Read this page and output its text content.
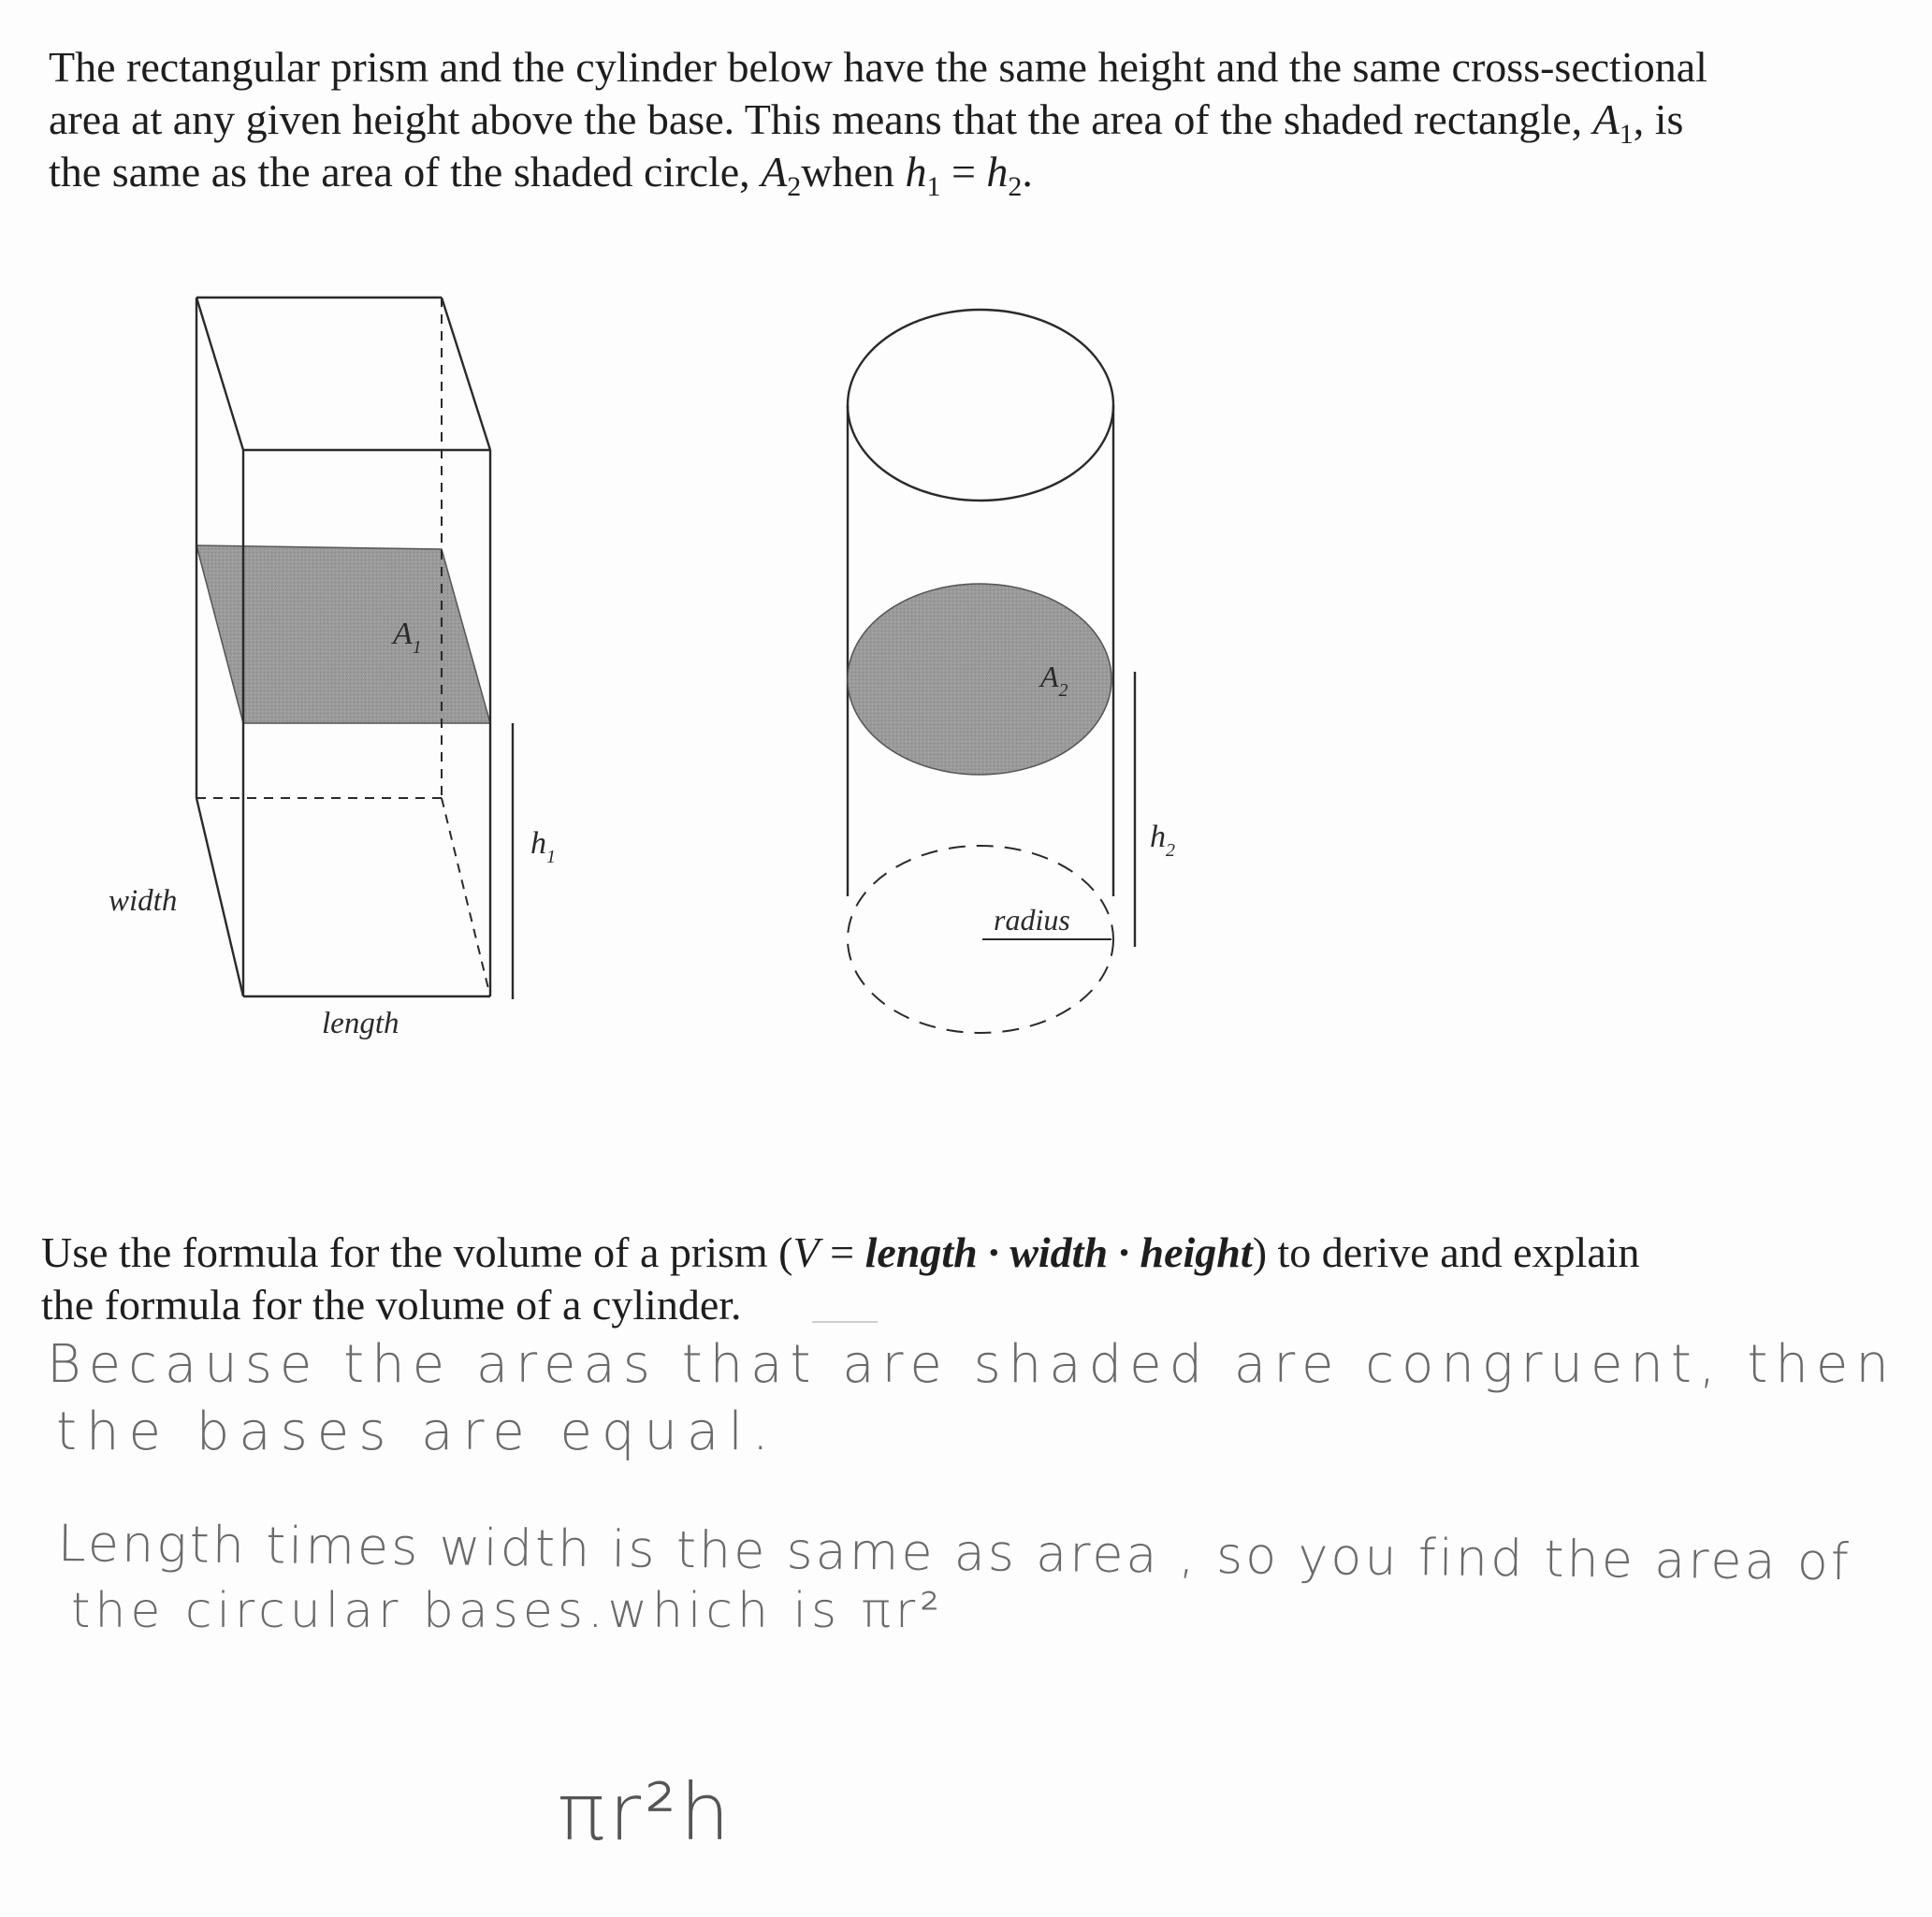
The rectangular prism and the cylinder below have the same height and the same cross-sectional
area at any given height above the base. This means that the area of the shaded rectangle, $A_1$, is
the same as the area of the shaded circle, $A_2when$ $h_1 = h_2$.
$A_1$
$h_1$
width
length
$A_2$
$h_2$
radius
Use the formula for the volume of a prism (V = length · width · height) to derive and explain
the formula for the volume of a cylinder.
Because the areas that are shaded are congruent, then
the bases are equal.
Length times width is the same as area , so you find the area of
the circular bases.which is πr²
πr²h
